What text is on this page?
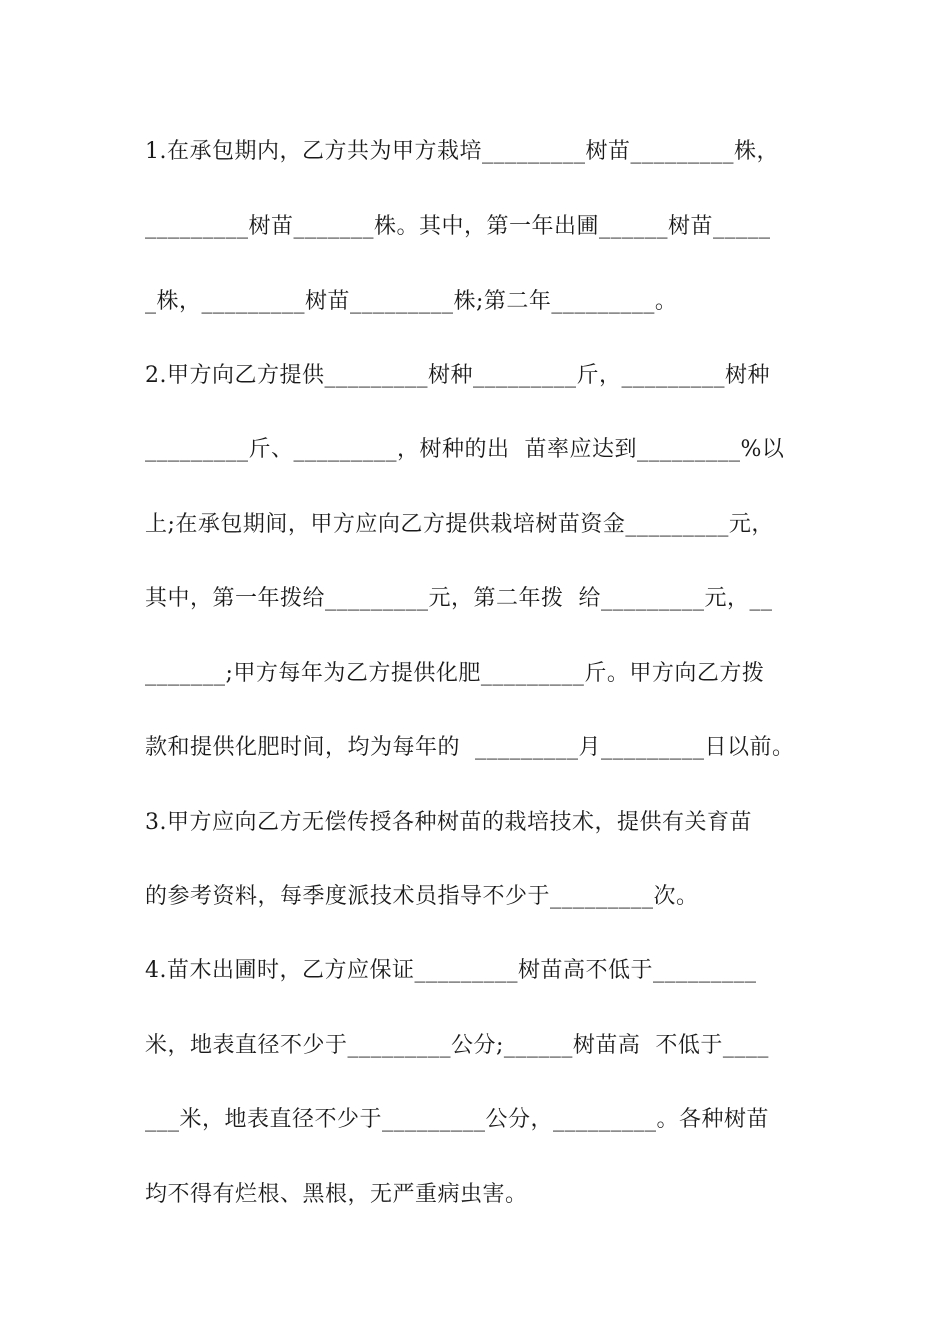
1.在承包期内，乙方共为甲方栽培_________树苗_________株，
_________树苗_______株。其中，第一年出圃______树苗_____
_株，_________树苗_________株;第二年_________。
2.甲方向乙方提供_________树种_________斤，_________树种
_________斤、_________，树种的出  苗率应达到_________%以
上;在承包期间，甲方应向乙方提供栽培树苗资金_________元，
其中，第一年拨给_________元，第二年拨  给_________元，__
_______;甲方每年为乙方提供化肥_________斤。甲方向乙方拨
款和提供化肥时间，均为每年的  _________月_________日以前。
3.甲方应向乙方无偿传授各种树苗的栽培技术，提供有关育苗
的参考资料，每季度派技术员指导不少于_________次。
4.苗木出圃时，乙方应保证_________树苗高不低于_________
米，地表直径不少于_________公分;______树苗高  不低于____
___米，地表直径不少于_________公分，_________。各种树苗
均不得有烂根、黑根，无严重病虫害。
